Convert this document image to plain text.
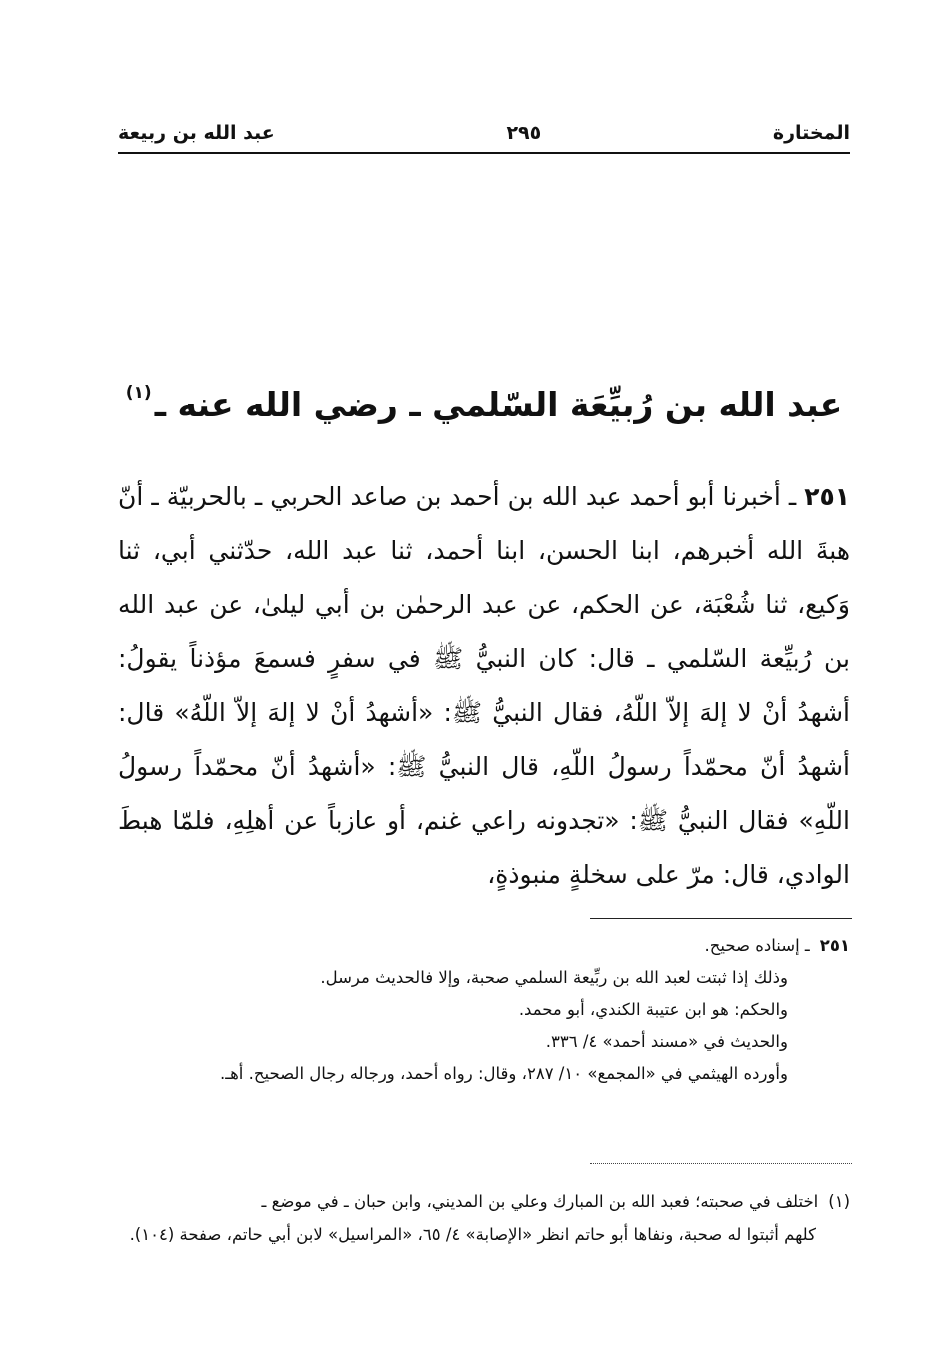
المختارة
٢٩٥
عبد الله بن ربيعة
عبد الله بن رُبيِّعَة السّلمي ـ رضي الله عنه ـ$^{(١)}$

٢٥١ ـ أخبرنا أبو أحمد عبد الله بن أحمد بن صاعد الحربي ـ بالحربيّة ـ أنّ هبةَ الله أخبرهم، ابنا الحسن، ابنا أحمد، ثنا عبد الله، حدّثني أبي، ثنا وَكيع، ثنا شُعْبَة، عن الحكم، عن عبد الرحمٰن بن أبي ليلىٰ، عن عبد الله بن رُبيِّعة السّلمي ـ قال: كان النبيُّ ﷺ في سفرٍ فسمعَ مؤذناً يقولُ: أشهدُ أنْ لا إلهَ إلاّ اللّهُ، فقال النبيُّ ﷺ: «أشهدُ أنْ لا إلهَ إلاّ اللّهُ» قال: أشهدُ أنّ محمّداً رسولُ اللّهِ، قال النبيُّ ﷺ: «أشهدُ أنّ محمّداً رسولُ اللّهِ» فقال النبيُّ ﷺ: «تجدونه راعي غنم، أو عازباً عن أهلِهِ، فلمّا هبطَ الوادي، قال: مرّ على سخلةٍ منبوذةٍ،

٢٥١ـ إسناده صحيح.

وذلك إذا ثبتت لعبد الله بن ربِّيعة السلمي صحبة، وإلا فالحديث مرسل.

والحكم: هو ابن عتيبة الكندي، أبو محمد.

والحديث في «مسند أحمد» ٤/ ٣٣٦.

وأورده الهيثمي في «المجمع» ١٠/ ٢٨٧، وقال: رواه أحمد، ورجاله رجال الصحيح. أهـ.

(١)اختلف في صحبته؛ فعبد الله بن المبارك وعلي بن المديني، وابن حبان ـ في موضع ـ

كلهم أثبتوا له صحبة، ونفاها أبو حاتم انظر «الإصابة» ٤/ ٦٥، «المراسيل» لابن أبي حاتم، صفحة (١٠٤).
